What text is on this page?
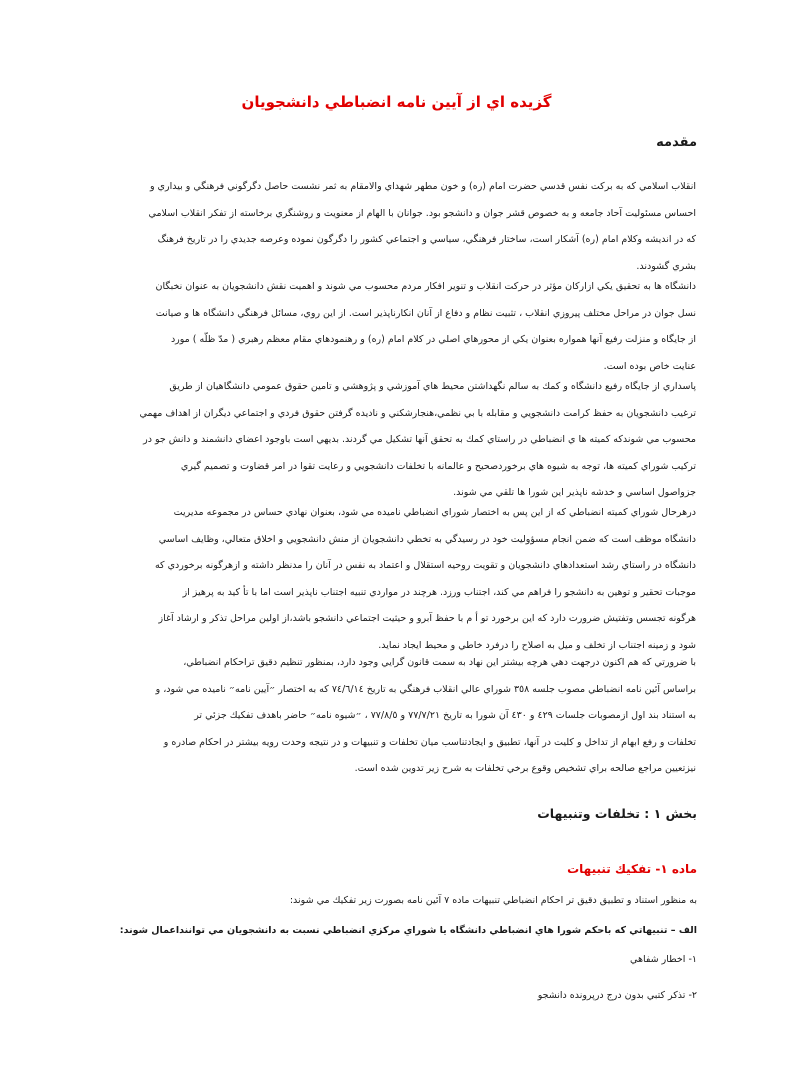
گزيده اي از آيين نامه انضباطي دانشجويان
مقدمه

انقلاب اسلامي كه به بركت نفس قدسي حضرت امام (ره) و خون مطهر شهداي والامقام به ثمر نشست حاصل دگرگوني فرهنگي و بيداري و

احساس مسئوليت آحاد جامعه و به خصوص قشر جوان و دانشجو بود. جوانان با الهام از معنويت و روشنگري برخاسته از تفكر انقلاب اسلامي

كه در انديشه وكلام امام (ره) آشكار است، ساختار فرهنگي، سياسي و اجتماعي كشور را دگرگون نموده وعرصه جديدي را در تاريخ فرهنگ

بشري گشودند.

دانشگاه ها به تحقيق يكي ازاركان مؤثر در حركت انقلاب و تنوير افكار مردم محسوب مي شوند و اهميت نقش دانشجويان به عنوان نخبگان

نسل جوان در مراحل مختلف پيروزي انقلاب ، تثبيت نظام و دفاع از آنان انكارناپذير است. از اين روي، مسائل فرهنگي دانشگاه ها و صيانت

از جايگاه و منزلت رفيع آنها همواره بعنوان يكي از محورهاي اصلي در كلام امام (ره) و رهنمودهاي مقام معظم رهبري ( مدّ ظلّه ) مورد

عنايت خاص بوده است.

پاسداري از جايگاه رفيع دانشگاه و كمك به سالم نگهداشتن محيط هاي آموزشي و پژوهشي و تامين حقوق عمومي دانشگاهيان از طريق

ترغيب دانشجويان به حفظ كرامت دانشجويي و مقابله با بي نظمي،هنجارشكني و ناديده گرفتن حقوق فردي و اجتماعي ديگران از اهداف مهمي

محسوب مي شوندكه كميته ها ي انضباطي در راستاي كمك به تحقق آنها تشكيل مي گردند. بديهي است باوجود اعضاي دانشمند و دانش جو در

تركيب شوراي كميته ها، توجه به شيوه هاي برخوردصحيح و عالمانه با تخلفات دانشجويي و رعايت تقوا در امر قضاوت و تصميم گيري

جزواصول اساسي و خدشه ناپذير اين شورا ها تلقي مي شوند.

درهرحال شوراي كميته انضباطي كه از اين پس به اختصار شوراي انضباطي ناميده مي شود، بعنوان نهادي حساس در مجموعه مديريت

دانشگاه موظف است كه ضمن انجام مسؤوليت خود در رسيدگي به تخطي دانشجويان از منش دانشجويي و اخلاق متعالي، وظايف اساسي

دانشگاه در راستاي رشد استعدادهاي دانشجويان و تقويت روحيه استقلال و اعتماد به نفس در آنان را مدنظر داشته و ازهرگونه برخوردي كه

موجبات تحقير و توهين به دانشجو را فراهم مي كند، اجتناب ورزد. هرچند در مواردي تنبيه اجتناب ناپذير است اما با تأ كيد به پرهيز از

هرگونه تجسس وتفتيش ضرورت دارد كه اين برخورد تو أ م با حفظ آبرو و حيثيت اجتماعي دانشجو باشد،از اولين مراحل تذكر و ارشاد آغاز

شود و زمينه اجتناب از تخلف و ميل به اصلاح را درفرد خاطي و محيط ايجاد نمايد.

با ضرورتي كه هم اكنون درجهت دهي هرچه بيشتر اين نهاد به سمت قانون گرايي وجود دارد، بمنظور تنظيم دقيق تراحكام انضباطي،

براساس آئين نامه انضباطي مصوب جلسه ٣٥٨ شوراي عالي انقلاب فرهنگي به تاريخ ٧٤/٦/١٤ كه به اختصار ״آيين نامه״ ناميده مي شود، و

به استناد بند اول ازمصوبات جلسات ٤٢٩ و ٤٣٠ آن شورا به تاريخ ٧٧/٧/٢١ و ٧٧/٨/٥ ، ״شيوه نامه״ حاضر باهدف تفكيك جزئي تر

تخلفات و رفع ابهام از تداخل و كليت در آنها، تطبيق و ايجادتناسب ميان تخلفات و تنبيهات و در نتيجه وحدت رويه بيشتر در احكام صادره و

نيزتعيين مراجع صالحه براي تشخيص وقوع برخي تخلفات به شرح زير تدوين شده است.

بخش ١ : تخلفات وتنبيهات
ماده ١- تفكيك تنبيهات
به منظور استناد و تطبيق دقيق تر احكام انضباطي تنبيهات ماده ٧ آئين نامه بصورت زير تفكيك مي شوند:
الف – تنبيهاتي كه باحكم شورا هاي انضباطي دانشگاه يا شوراي مركزي انضباطي نسبت به دانشجويان مي تواننداعمال شوند:
١- اخطار شفاهي
٢- تذكر كتبي بدون درج درپرونده دانشجو
